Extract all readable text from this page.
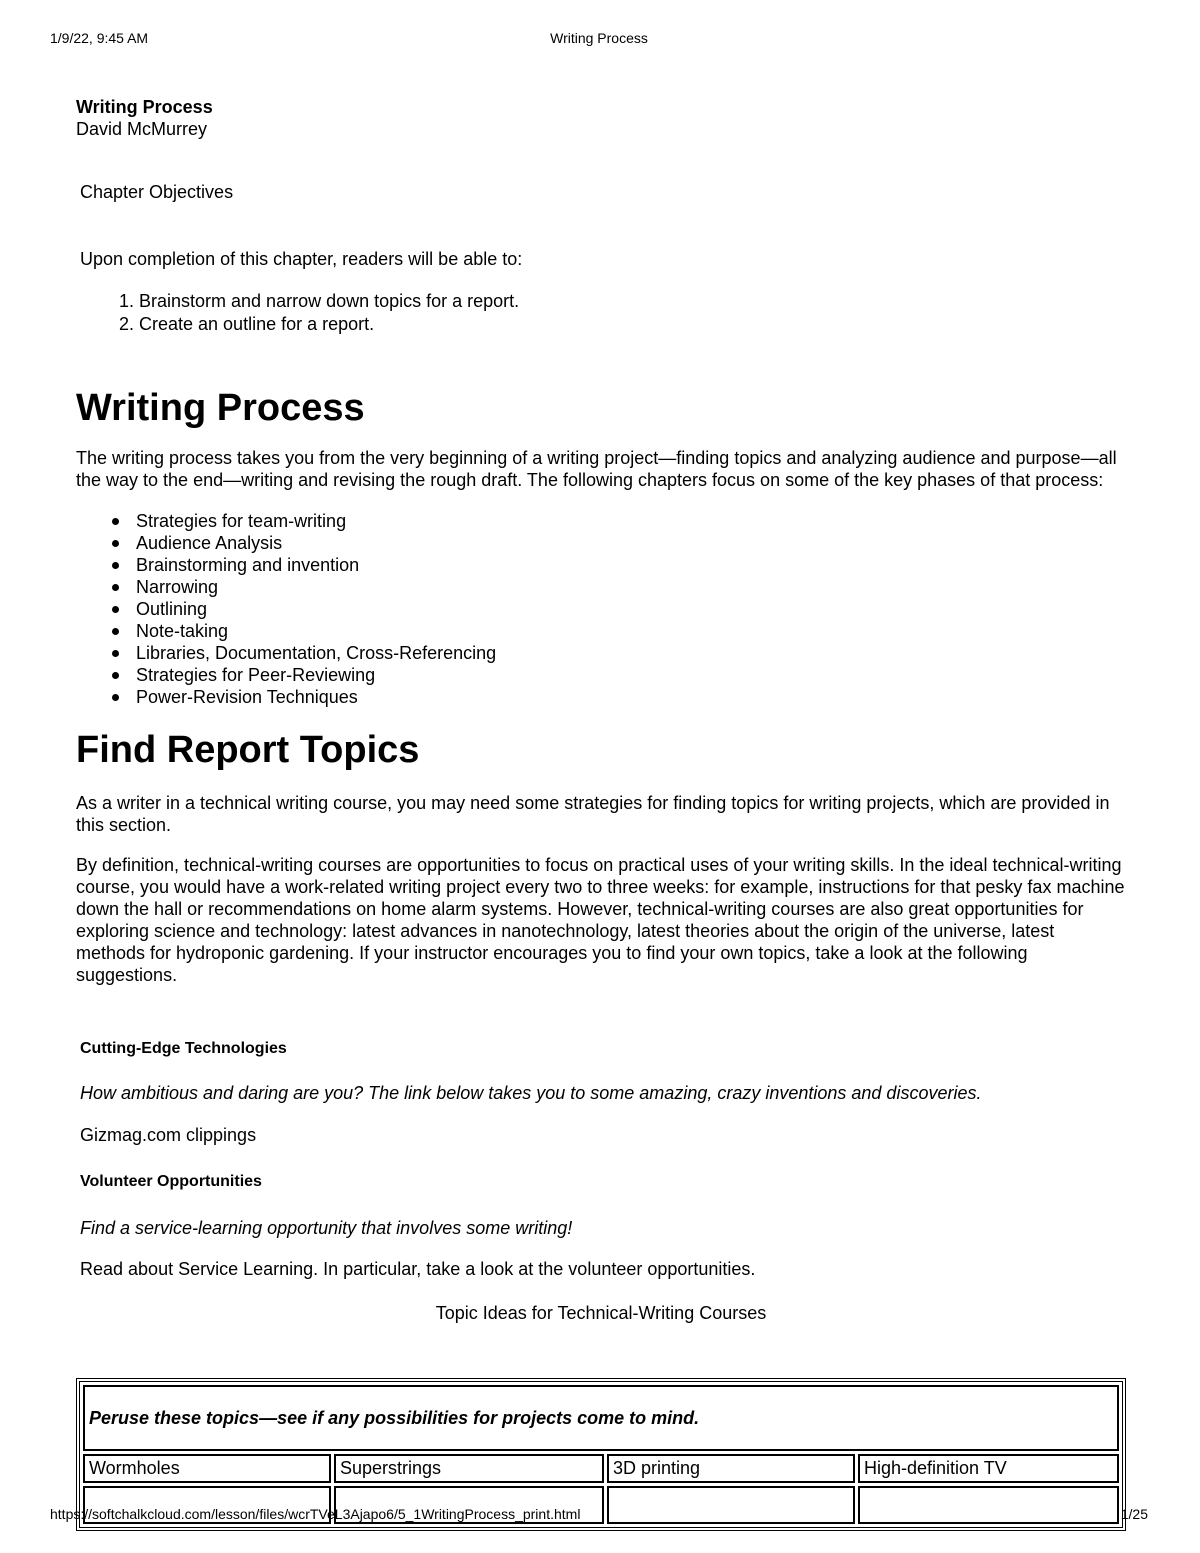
1/9/22, 9:45 AM	Writing Process

Writing Process

David McMurrey

Chapter Objectives

Upon completion of this chapter, readers will be able to:

1. Brainstorm and narrow down topics for a report.
2. Create an outline for a report.
Writing Process

The writing process takes you from the very beginning of a writing project—finding topics and analyzing audience and purpose—all the way to the end—writing and revising the rough draft. The following chapters focus on some of the key phases of that process:

Strategies for team-writing
Audience Analysis
Brainstorming and invention
Narrowing
Outlining
Note-taking
Libraries, Documentation, Cross-Referencing
Strategies for Peer-Reviewing
Power-Revision Techniques
Find Report Topics

As a writer in a technical writing course, you may need some strategies for finding topics for writing projects, which are provided in this section.

By definition, technical-writing courses are opportunities to focus on practical uses of your writing skills. In the ideal technical-writing course, you would have a work-related writing project every two to three weeks: for example, instructions for that pesky fax machine down the hall or recommendations on home alarm systems. However, technical-writing courses are also great opportunities for exploring science and technology: latest advances in nanotechnology, latest theories about the origin of the universe, latest methods for hydroponic gardening. If your instructor encourages you to find your own topics, take a look at the following suggestions.

Cutting-Edge Technologies

How ambitious and daring are you? The link below takes you to some amazing, crazy inventions and discoveries.

Gizmag.com clippings

Volunteer Opportunities

Find a service-learning opportunity that involves some writing!

Read about Service Learning. In particular, take a look at the volunteer opportunities.

Topic Ideas for Technical-Writing Courses
Peruse these topics—see if any possibilities for projects come to mind.			
Wormholes	Superstrings	3D printing	High-definition TV

https://softchalkcloud.com/lesson/files/wcrTVeL3Ajapo6/5_1WritingProcess_print.html	1/25
